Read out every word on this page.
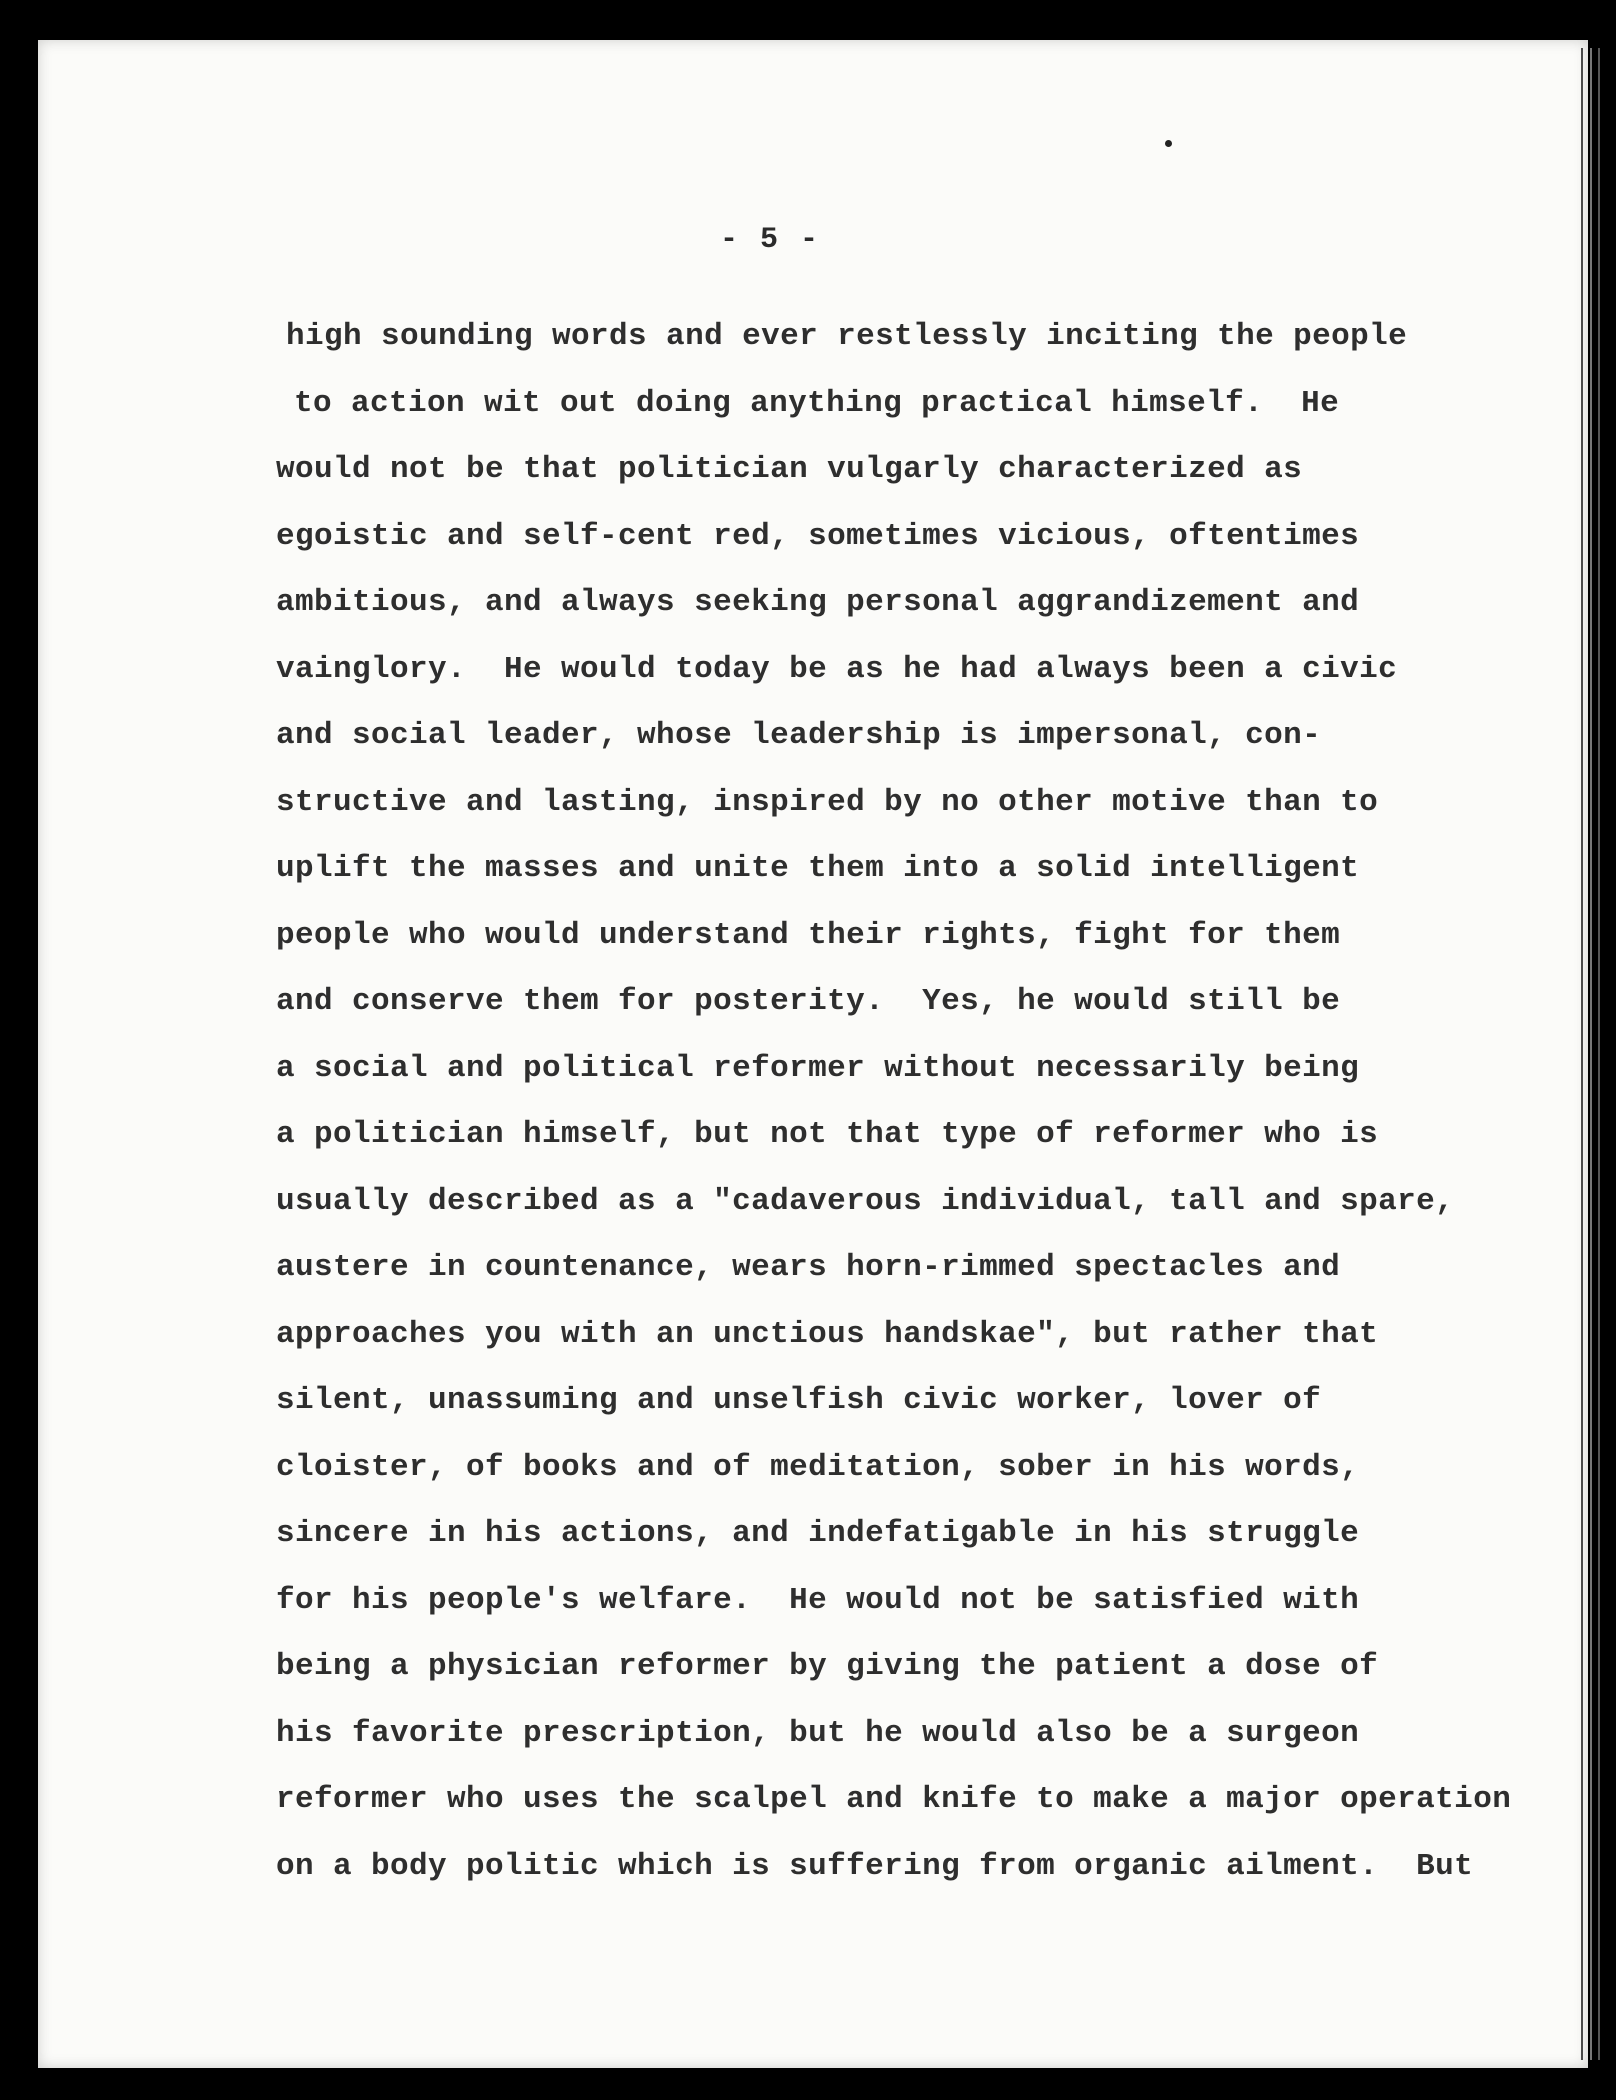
- 5 -
high sounding words and ever restlessly inciting the people
to action wit out doing anything practical himself.  He
would not be that politician vulgarly characterized as
egoistic and self-cent red, sometimes vicious, oftentimes
ambitious, and always seeking personal aggrandizement and
vainglory.  He would today be as he had always been a civic
and social leader, whose leadership is impersonal, con-
structive and lasting, inspired by no other motive than to
uplift the masses and unite them into a solid intelligent
people who would understand their rights, fight for them
and conserve them for posterity.  Yes, he would still be
a social and political reformer without necessarily being
a politician himself, but not that type of reformer who is
usually described as a "cadaverous individual, tall and spare,
austere in countenance, wears horn-rimmed spectacles and
approaches you with an unctious handskae", but rather that
silent, unassuming and unselfish civic worker, lover of
cloister, of books and of meditation, sober in his words,
sincere in his actions, and indefatigable in his struggle
for his people's welfare.  He would not be satisfied with
being a physician reformer by giving the patient a dose of
his favorite prescription, but he would also be a surgeon
reformer who uses the scalpel and knife to make a major operation
on a body politic which is suffering from organic ailment.  But
